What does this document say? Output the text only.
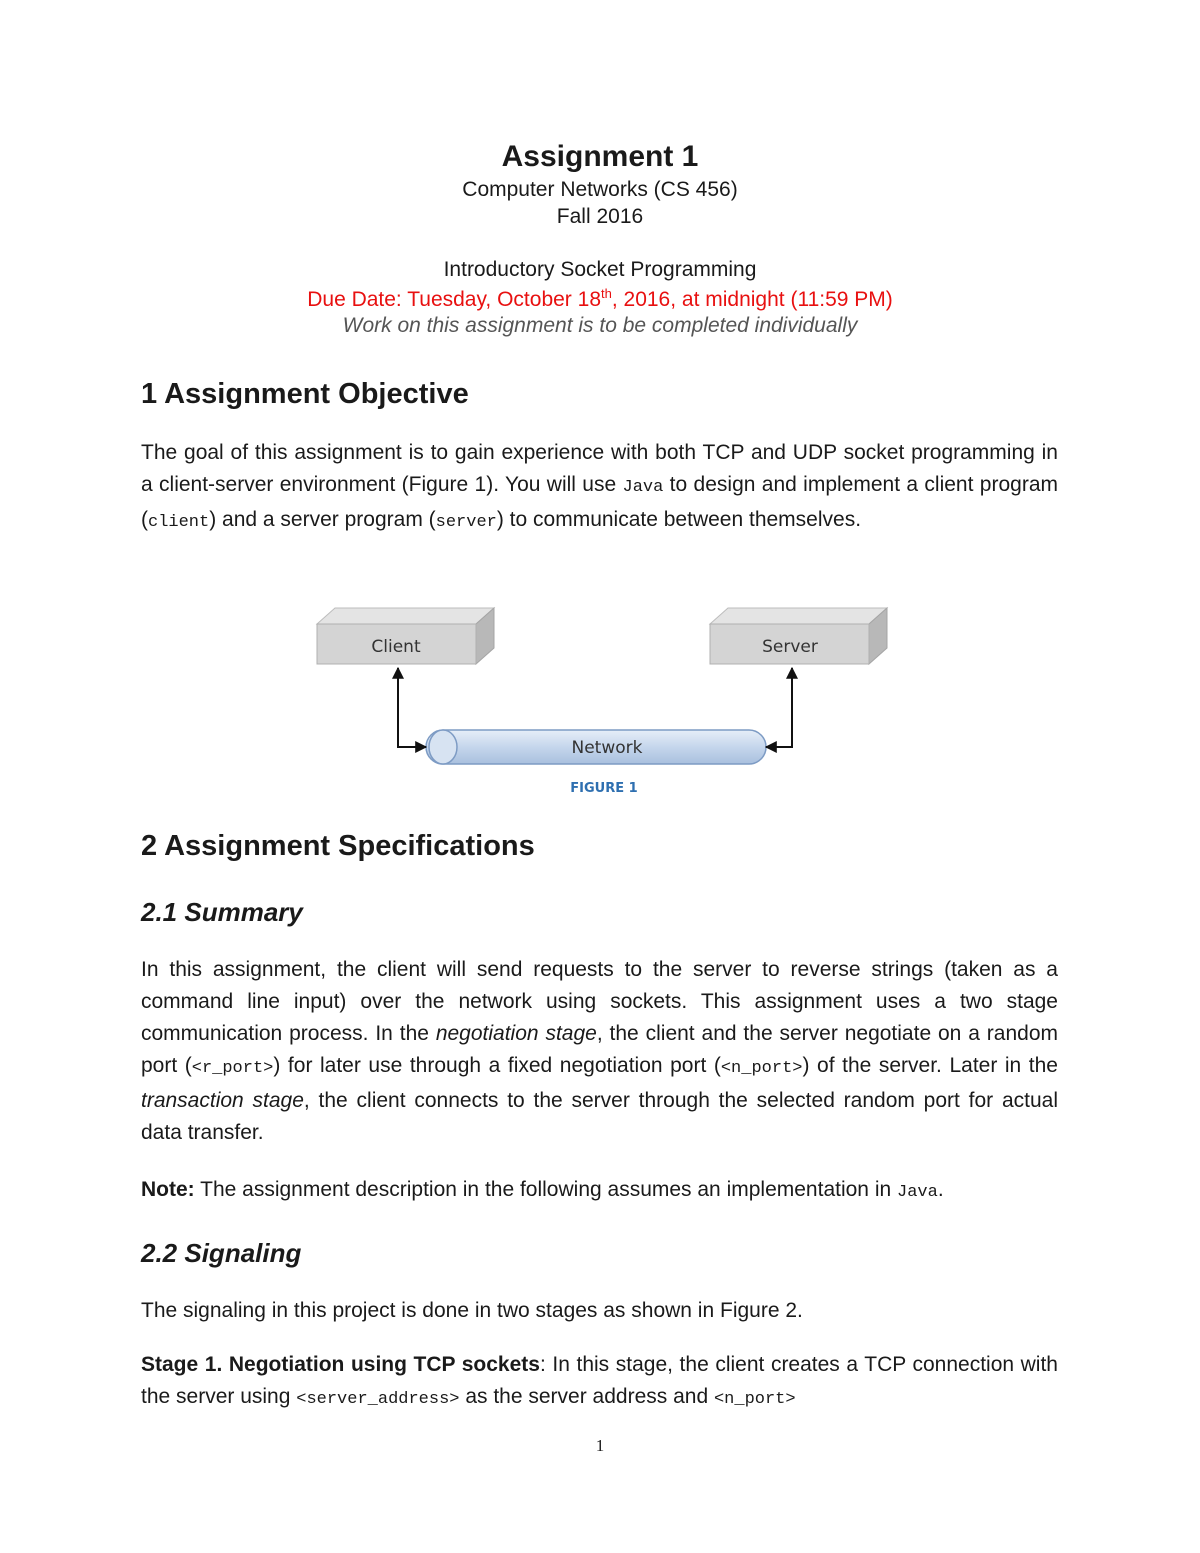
Assignment 1
Computer Networks (CS 456)
Fall 2016
Introductory Socket Programming
Due Date: Tuesday, October 18th, 2016, at midnight (11:59 PM)
Work on this assignment is to be completed individually
1 Assignment Objective
The goal of this assignment is to gain experience with both TCP and UDP socket programming in a client-server environment (Figure 1). You will use Java to design and implement a client program (client) and a server program (server) to communicate between themselves.
Client	Server
Network
FIGURE 1
2 Assignment Specifications
2.1 Summary
In this assignment, the client will send requests to the server to reverse strings (taken as a command line input) over the network using sockets. This assignment uses a two stage communication process. In the negotiation stage, the client and the server negotiate on a random port (<r_port>) for later use through a fixed negotiation port (<n_port>) of the server. Later in the transaction stage, the client connects to the server through the selected random port for actual data transfer.
Note: The assignment description in the following assumes an implementation in Java.
2.2 Signaling
The signaling in this project is done in two stages as shown in Figure 2.
Stage 1. Negotiation using TCP sockets: In this stage, the client creates a TCP connection with the server using <server_address> as the server address and <n_port>
1
